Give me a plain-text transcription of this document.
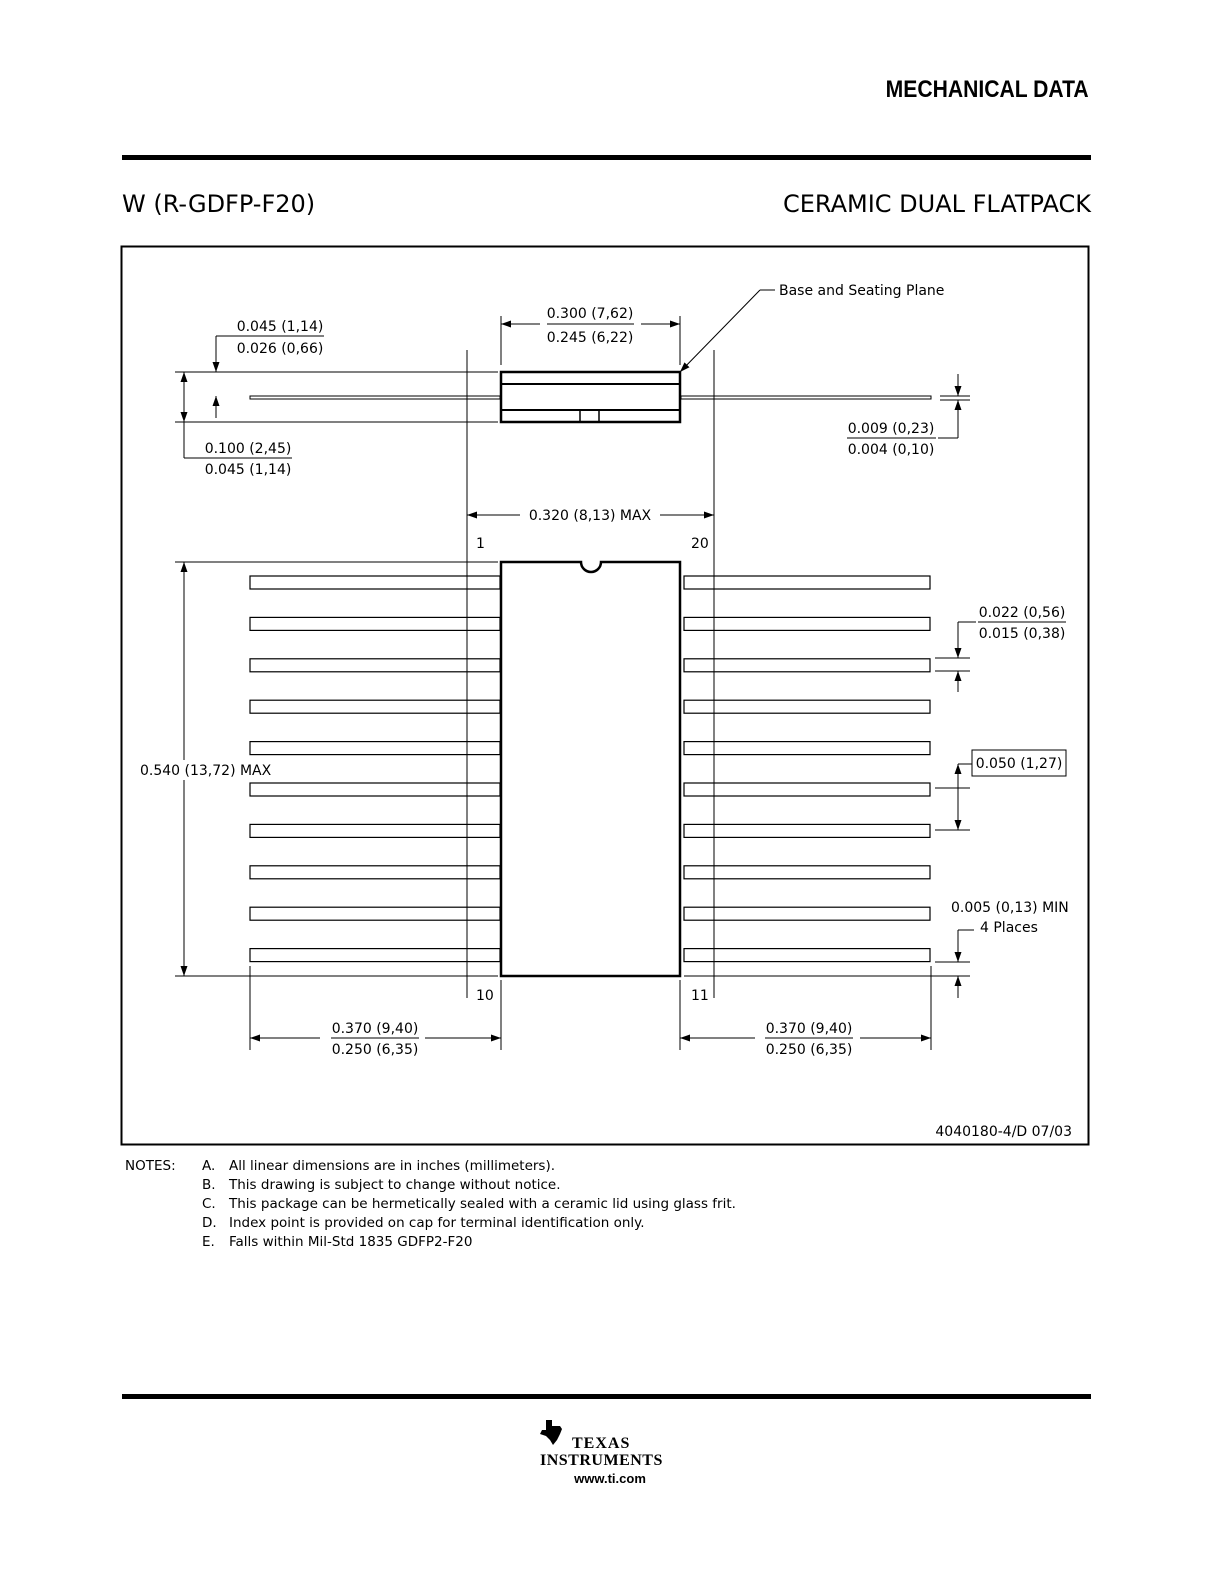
MECHANICAL DATA
W (R-GDFP-F20)	CERAMIC DUAL FLATPACK
Base and Seating Plane
0.300 (7,62)
0.245 (6,22)
0.045 (1,14)
0.026 (0,66)
0.100 (2,45)
0.045 (1,14)
0.009 (0,23)
0.004 (0,10)
0.320 (8,13) MAX
1	20
10	11
0.022 (0,56)
0.015 (0,38)
0.540 (13,72) MAX	0.050 (1,27)
0.005 (0,13) MIN
4 Places
0.370 (9,40)
0.250 (6,35)
0.370 (9,40)
0.250 (6,35)
4040180-4/D 07/03
NOTES: A. All linear dimensions are in inches (millimeters).
B. This drawing is subject to change without notice.
C. This package can be hermetically sealed with a ceramic lid using glass frit.
D. Index point is provided on cap for terminal identification only.
E. Falls within Mil-Std 1835 GDFP2-F20
TEXAS
INSTRUMENTS
www.ti.com
